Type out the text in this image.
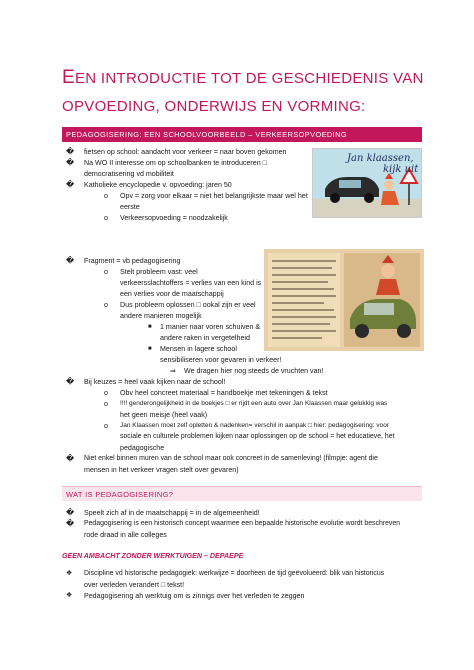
EEN INTRODUCTIE TOT DE GESCHIEDENIS VAN
OPVOEDING, ONDERWIJS EN VORMING:
PEDAGOGISERING: EEN SCHOOLVOORBEELD – VERKEERSOPVOEDING
� fietsen op school: aandacht voor verkeer = naar boven gekomen
� Na WO II interesse om op schoolbanken te introduceren □
democratisering vd mobiliteit
� Katholieke encyclopedie v. opvoeding: jaren 50
o Opv = zorg voor elkaar = niet het belangrijkste maar wel het
eerste
o Verkeersopvoeding = noodzakelijk
Jan klaassen,
kijk uit
� Fragment = vb pedagogisering
o Stelt probleem vast: veel
verkeersslachtoffers = verlies van een kind is
een verlies voor de maatschappij
o Dus probleem oplossen □ ookal zijn er veel
andere manieren mogelijk
■ 1 manier naar voren schuiven &
andere raken in vergetelheid
■ Mensen in lagere school
sensibiliseren voor gevaren in verkeer!
⇒ We dragen hier nog steeds de vruchten van!
� Bij keuzes = heel vaak kijken naar de school!
o Obv heel concreet materiaal = handboekje met tekeningen & tekst
o !!!! genderongelijkheid in de boekjes □ er rijdt een auto over Jan Klaassen maar gelukkig was
het geen meisje (heel vaak)
o Jan Klaassen moet zelf opletten & nadenken= verschil in aanpak □ hier: pedagogisering: voor
sociale en culturele problemen kijken naar oplossingen op de school = het educatieve, het
pedagogische
� Niet enkel binnen muren van de school maar ook concreet in de samenleving! (filmpje: agent die
mensen in het verkeer vragen stelt over gevaren)
WAT IS PEDAGOGISERING?
� Speelt zich af in de maatschappij = in de algemeenheid!
� Pedagogisering is een historisch concept waarmee een bepaalde historische evolutie wordt beschreven
rode draad in alle colleges
GEEN AMBACHT ZONDER WERKTUIGEN – DEPAEPE
❖ Discipline vd historische pedagogiek: werkwijze = doorheen de tijd geëvolueerd: blik van historicus
over verleden verandert □ tekst!
❖ Pedagogisering ah werktuig om is zinnigs over het verleden te zeggen
